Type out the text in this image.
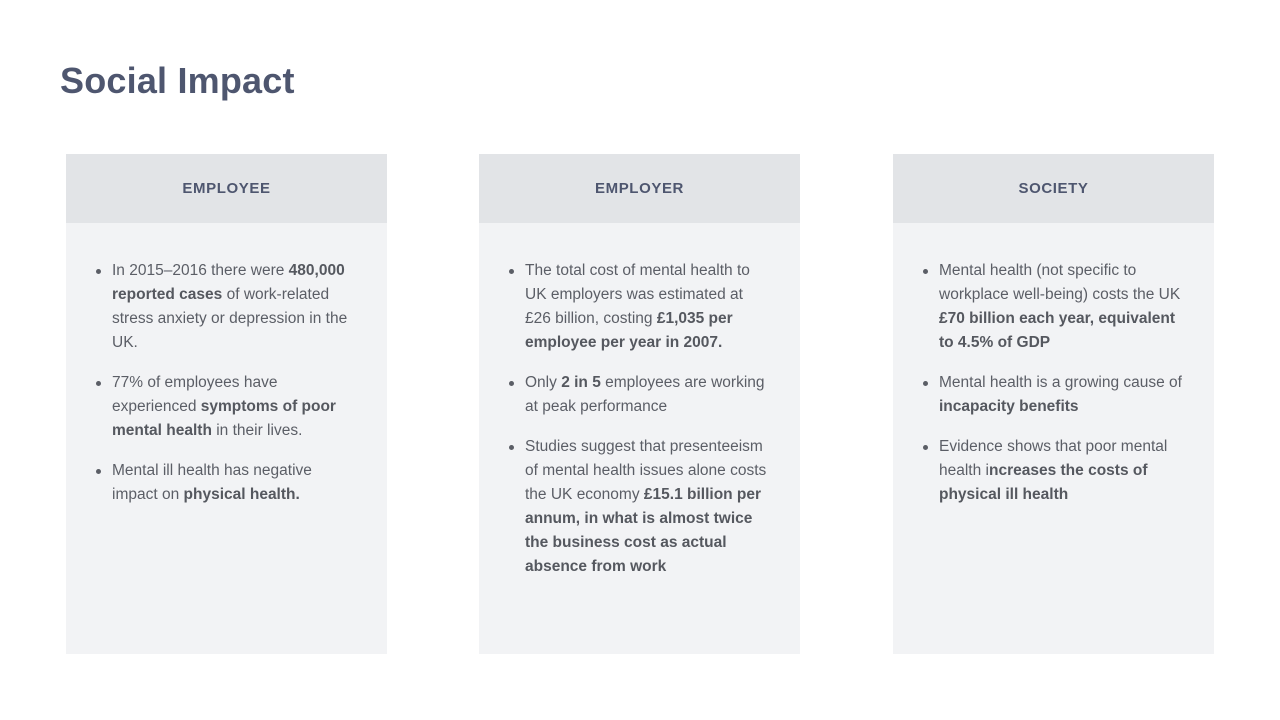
Social Impact
EMPLOYEE
In 2015–2016 there were 480,000 reported cases of work-related stress anxiety or depression in the UK.
77% of employees have experienced symptoms of poor mental health in their lives.
Mental ill health has negative impact on physical health.
EMPLOYER
The total cost of mental health to UK employers was estimated at £26 billion, costing £1,035 per employee per year in 2007.
Only 2 in 5 employees are working at peak performance
Studies suggest that presenteeism of mental health issues alone costs the UK economy £15.1 billion per annum, in what is almost twice the business cost as actual absence from work
SOCIETY
Mental health (not specific to workplace well-being) costs the UK £70 billion each year, equivalent to 4.5% of GDP
Mental health is a growing cause of incapacity benefits
Evidence shows that poor mental health increases the costs of physical ill health
